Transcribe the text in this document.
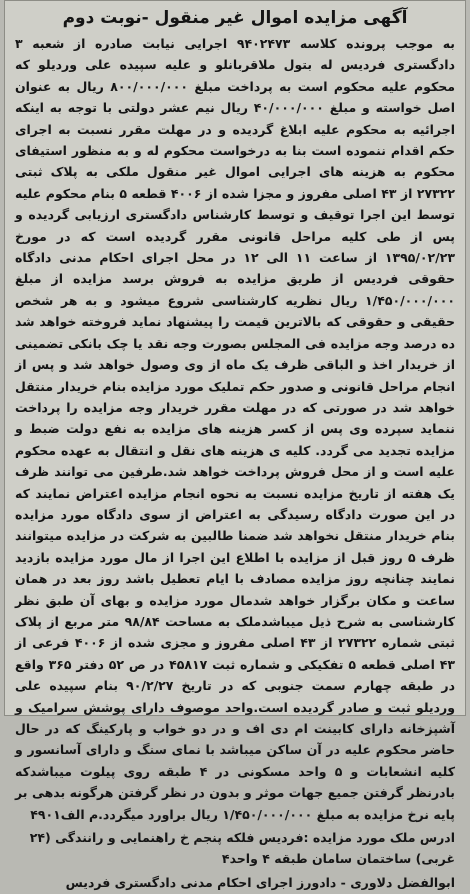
آگهی مزایده اموال غیر منقول -نوبت دوم

به موجب پرونده کلاسه ۹۴۰۲۴۷۳ اجرایی نیابت صادره از شعبه ۳ دادگستری فردیس له بتول ملاقربانلو و علیه سپیده علی وردیلو که محکوم علیه محکوم است به پرداخت مبلغ ۸۰۰/۰۰۰/۰۰۰ ریال به عنوان اصل خواسته و مبلغ ۴۰/۰۰۰/۰۰۰ ریال نیم عشر دولتی با توجه به اینکه اجرائیه به محکوم علیه ابلاغ گردیده و در مهلت مقرر نسبت به اجرای حکم اقدام ننموده است بنا به درخواست محکوم له و به منظور استیفای محکوم به هزینه های اجرایی اموال غیر منقول ملکی به پلاک ثبتی ۲۷۳۲۲ از ۴۳ اصلی مفروز و مجزا شده از ۴۰۰۶ قطعه ۵ بنام محکوم علیه توسط این اجرا توقیف و توسط کارشناس دادگستری ارزیابی گردیده و پس از طی کلیه مراحل قانونی مقرر گردیده است که در مورخ ۱۳۹۵/۰۲/۲۳ از ساعت ۱۱ الی ۱۲ در محل اجرای احکام مدنی دادگاه حقوقی فردیس از طریق مزایده به فروش برسد مزایده از مبلغ ۱/۴۵۰/۰۰۰/۰۰۰ ریال نظریه کارشناسی شروع میشود و به هر شخص حقیقی و حقوقی که بالاترین قیمت را پیشنهاد نماید فروخته خواهد شد ده درصد وجه مزایده فی المجلس بصورت وجه نقد یا چک بانکی تضمینی از خریدار اخذ و الباقی ظرف یک ماه از وی وصول خواهد شد و پس از انجام مراحل قانونی و صدور حکم تملیک مورد مزایده بنام خریدار منتقل خواهد شد در صورتی که در مهلت مقرر خریدار وجه مزایده را پرداخت ننماید سپرده وی پس از کسر هزینه های مزایده به نفع دولت ضبط و مزایده تجدید می گردد. کلیه ی هزینه های نقل و انتقال به عهده محکوم علیه است و از محل فروش پرداخت خواهد شد.طرفین می توانند ظرف یک هفته از تاریخ مزایده نسبت به نحوه انجام مزایده اعتراض نمایند که در این صورت دادگاه رسیدگی به اعتراض از سوی دادگاه مورد مزایده بنام خریدار منتقل نخواهد شد ضمنا طالبین به شرکت در مزایده میتوانند ظرف ۵ روز قبل از مزایده با اطلاع این اجرا از مال مورد مزایده بازدید نمایند چنانچه روز مزایده مصادف با ایام تعطیل باشد روز بعد در همان ساعت و مکان برگزار خواهد شدمال مورد مزایده و بهای آن طبق نظر کارشناسی به شرح ذیل میباشدملک به مساحت ۹۸/۸۴ متر مربع از پلاک ثبتی شماره ۲۷۳۲۲ از ۴۳ اصلی مفروز و مجزی شده از ۴۰۰۶ فرعی از ۴۳ اصلی قطعه ۵ تفکیکی و شماره ثبت ۴۵۸۱۷ در ص ۵۲ دفتر ۳۶۵ واقع در طبقه چهارم سمت جنوبی که در تاریخ ۹۰/۲/۲۷ بنام سپیده علی وردیلو ثبت و صادر گردیده است.واحد موصوف دارای پوشش سرامیک و آشپزخانه دارای کابینت ام دی اف و در دو خواب و پارکینگ که در حال حاضر محکوم علیه در آن ساکن میباشد با نمای سنگ و دارای آسانسور و کلیه انشعابات و ۵ واحد مسکونی در ۴ طبقه روی پیلوت میباشدکه بادرنظر گرفتن جمیع جهات موثر و بدون در نظر گرفتن هرگونه بدهی بر پایه نرخ مزایده به مبلغ ۱/۴۵۰/۰۰۰/۰۰۰ ریال براورد میگردد.م الف۴۹۰۱

ادرس ملک مورد مزایده :فردیس فلکه پنجم خ راهنمایی و رانندگی (۲۴ غربی) ساختمان سامان طبقه ۴ واحد۴
ابوالفضل دلاوری - دادورز اجرای احکام مدنی دادگستری فردیس
